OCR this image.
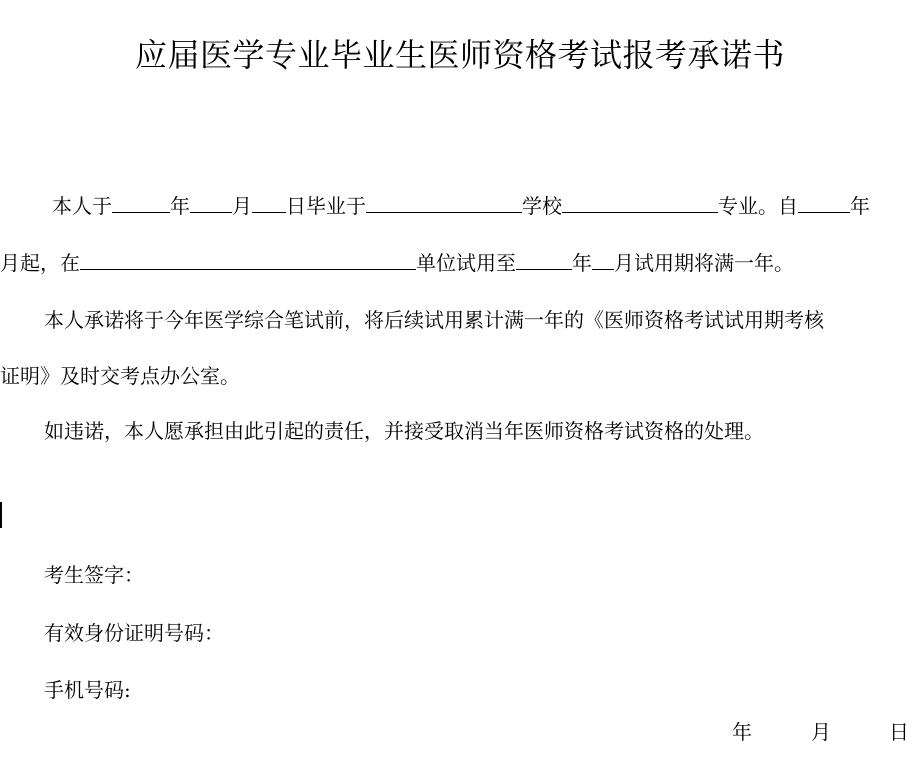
应届医学专业毕业生医师资格考试报考承诺书
本人于	年 月 日毕业于	学校	专业。自	年
月起，在	单位试用至	年 月试用期将满一年。
本人承诺将于今年医学综合笔试前，将后续试用累计满一年的《医师资格考试试用期考核
证明》及时交考点办公室。
如违诺，本人愿承担由此引起的责任，并接受取消当年医师资格考试资格的处理。
考生签字：
有效身份证明号码：
手机号码:
年	月	日
